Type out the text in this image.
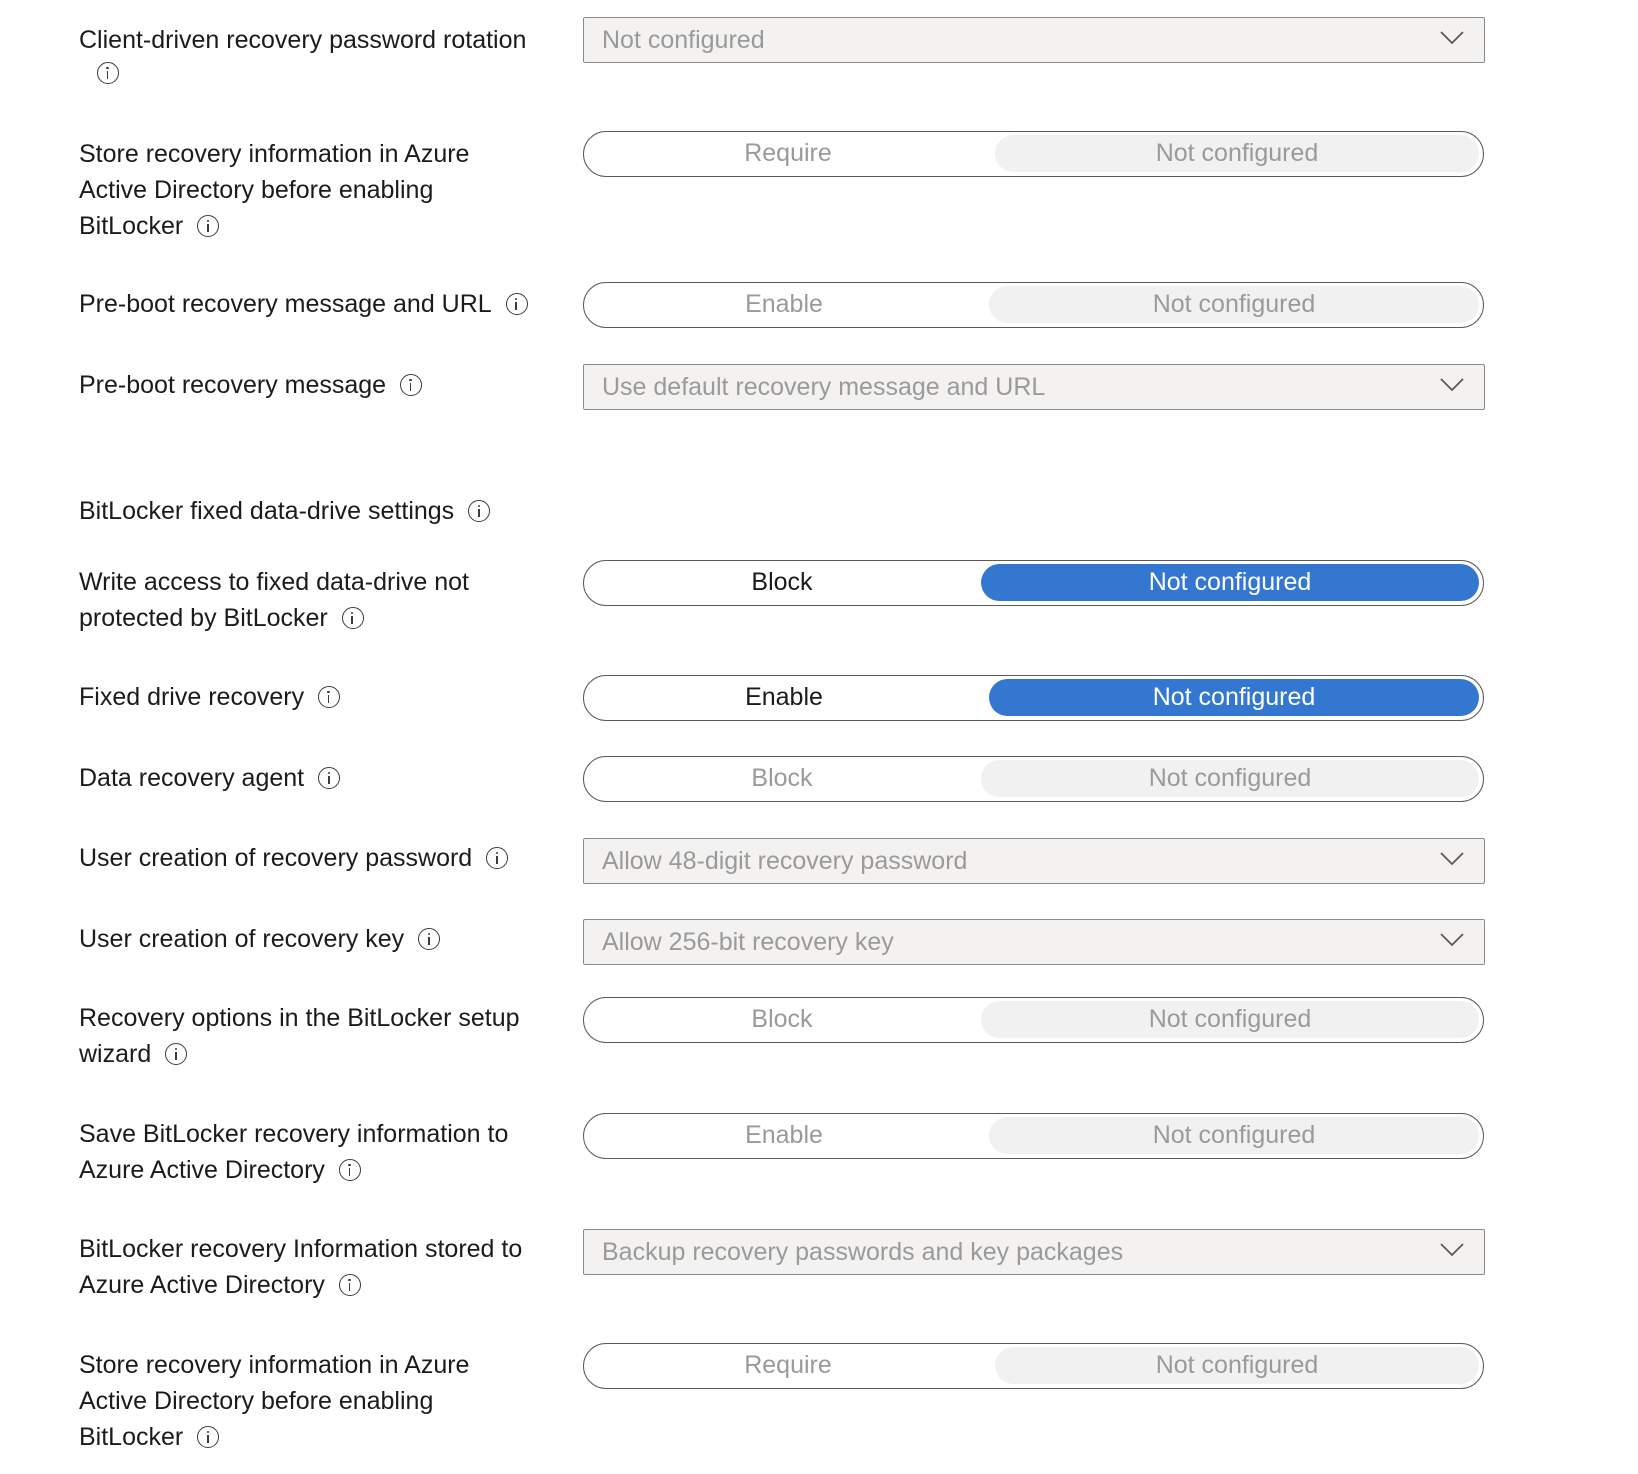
Client-driven recovery password rotation	Not configured
Store recovery information in Azure
Active Directory before enabling
BitLocker
Require	Not configured
Pre-boot recovery message and URL	Enable	Not configured
Pre-boot recovery message	Use default recovery message and URL
BitLocker fixed data-drive settings
Write access to fixed data-drive not
protected by BitLocker
Block	Not configured
Fixed drive recovery	Enable	Not configured
Data recovery agent	Block	Not configured
User creation of recovery password	Allow 48-digit recovery password
User creation of recovery key	Allow 256-bit recovery key
Recovery options in the BitLocker setup
wizard
Block	Not configured
Save BitLocker recovery information to
Azure Active Directory
Enable	Not configured
BitLocker recovery Information stored to
Azure Active Directory
Backup recovery passwords and key packages
Store recovery information in Azure
Active Directory before enabling
BitLocker
Require	Not configured
